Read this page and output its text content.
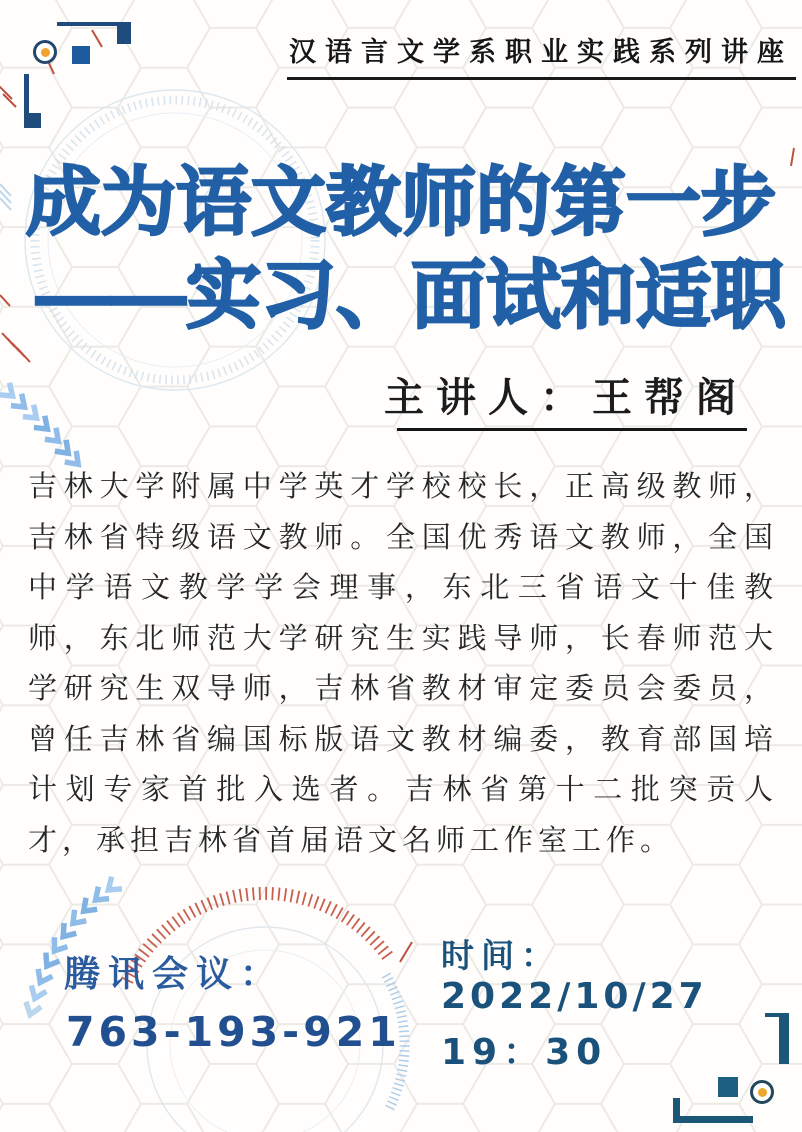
汉语言文学系职业实践系列讲座
成为语文教师的第一步
——实习、面试和适职
主讲人：王帮阁
吉林大学附属中学英才学校校长，正高级教师，
吉林省特级语文教师。全国优秀语文教师，全国
中学语文教学学会理事，东北三省语文十佳教
师，东北师范大学研究生实践导师，长春师范大
学研究生双导师，吉林省教材审定委员会委员，
曾任吉林省编国标版语文教材编委，教育部国培
计划专家首批入选者。吉林省第十二批突贡人
才，承担吉林省首届语文名师工作室工作。
腾讯会议：
763-193-921
时间：
2022/10/27
19：30
